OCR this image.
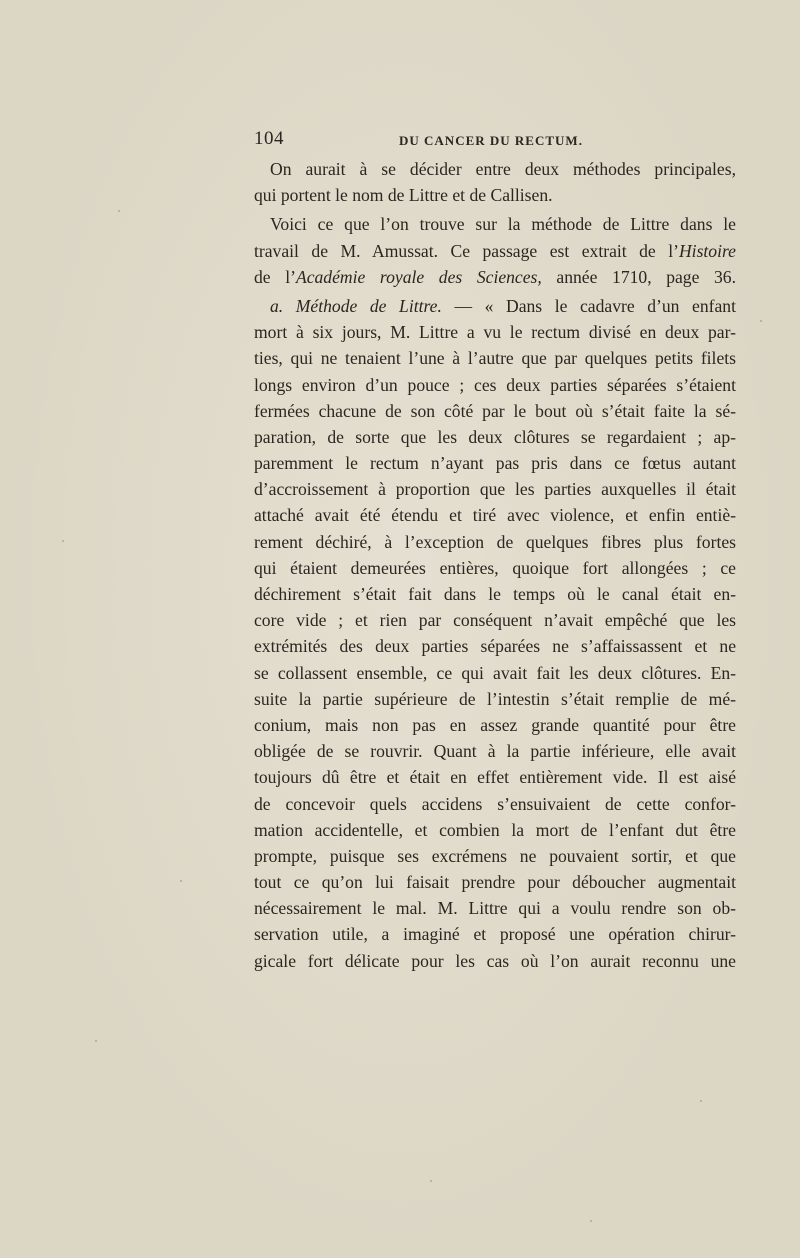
104	DU CANCER DU RECTUM.
On aurait à se décider entre deux méthodes principales,
qui portent le nom de Littre et de Callisen.
Voici ce que l’on trouve sur la méthode de Littre dans le
travail de M. Amussat. Ce passage est extrait de l’Histoire
de l’Académie royale des Sciences, année 1710, page 36.
a. Méthode de Littre. — « Dans le cadavre d’un enfant
mort à six jours, M. Littre a vu le rectum divisé en deux par-
ties, qui ne tenaient l’une à l’autre que par quelques petits filets
longs environ d’un pouce ; ces deux parties séparées s’étaient
fermées chacune de son côté par le bout où s’était faite la sé-
paration, de sorte que les deux clôtures se regardaient ; ap-
paremment le rectum n’ayant pas pris dans ce fœtus autant
d’accroissement à proportion que les parties auxquelles il était
attaché avait été étendu et tiré avec violence, et enfin entiè-
rement déchiré, à l’exception de quelques fibres plus fortes
qui étaient demeurées entières, quoique fort allongées ; ce
déchirement s’était fait dans le temps où le canal était en-
core vide ; et rien par conséquent n’avait empêché que les
extrémités des deux parties séparées ne s’affaissassent et ne
se collassent ensemble, ce qui avait fait les deux clôtures. En-
suite la partie supérieure de l’intestin s’était remplie de mé-
conium, mais non pas en assez grande quantité pour être
obligée de se rouvrir. Quant à la partie inférieure, elle avait
toujours dû être et était en effet entièrement vide. Il est aisé
de concevoir quels accidens s’ensuivaient de cette confor-
mation accidentelle, et combien la mort de l’enfant dut être
prompte, puisque ses excrémens ne pouvaient sortir, et que
tout ce qu’on lui faisait prendre pour déboucher augmentait
nécessairement le mal. M. Littre qui a voulu rendre son ob-
servation utile, a imaginé et proposé une opération chirur-
gicale fort délicate pour les cas où l’on aurait reconnu une
